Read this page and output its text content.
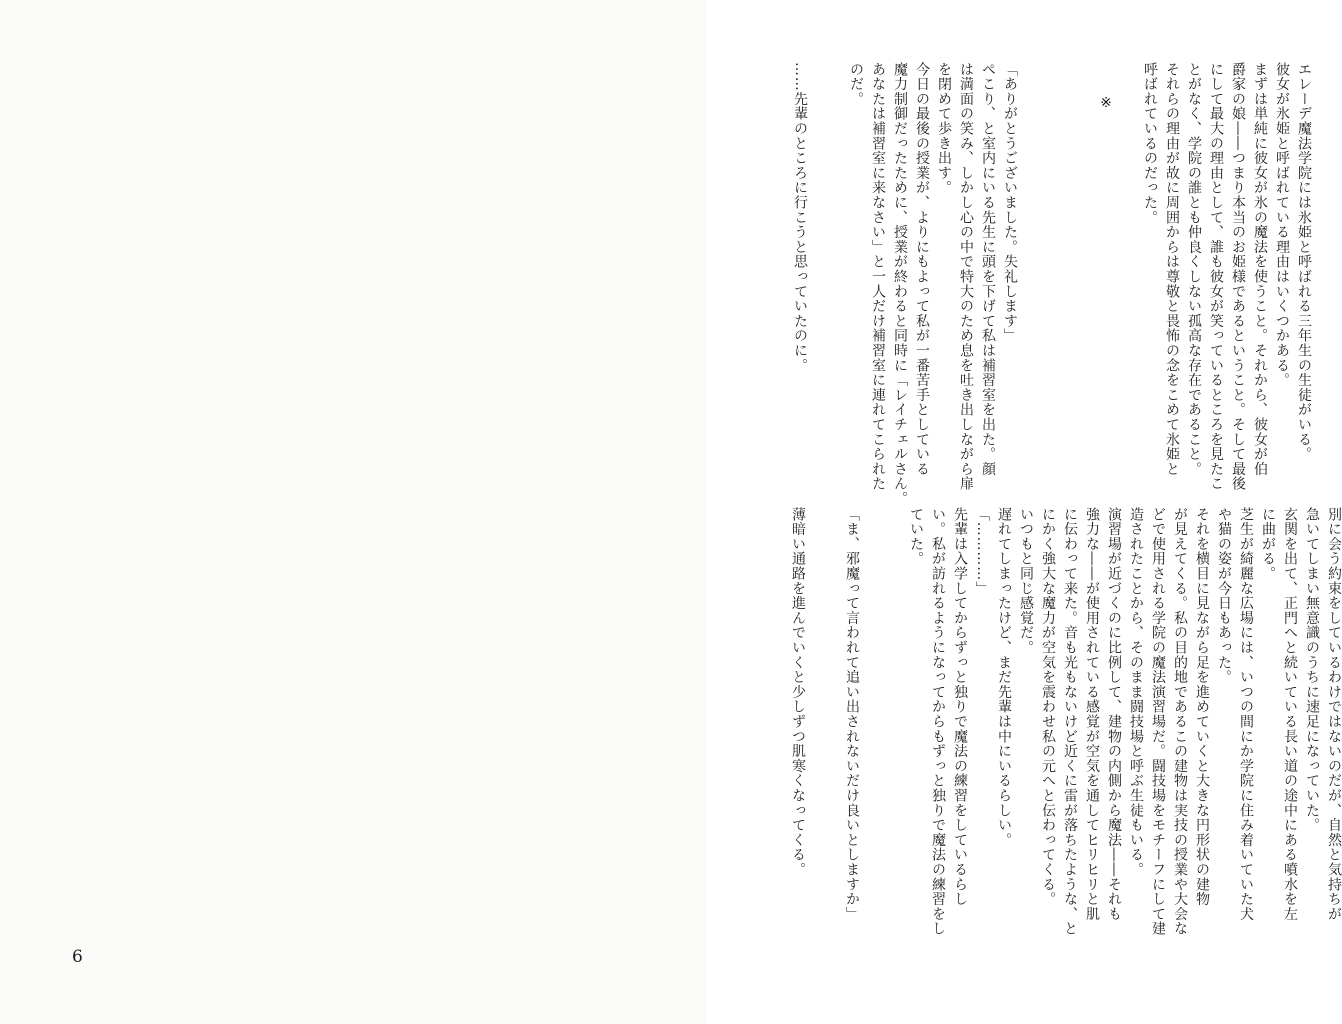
エレーデ魔法学院には氷姫と呼ばれる三年生の生徒がいる。
彼女が氷姫と呼ばれている理由はいくつかある。
まずは単純に彼女が氷の魔法を使うこと。それから、彼女が伯
爵家の娘――つまり本当のお姫様であるということ。そして最後
にして最大の理由として、誰も彼女が笑っているところを見たこ
とがなく、学院の誰とも仲良くしない孤高な存在であること。
それらの理由が故に周囲からは尊敬と畏怖の念をこめて氷姫と
呼ばれているのだった。
※
「ありがとうございました。失礼します」
ぺこり、と室内にいる先生に頭を下げて私は補習室を出た。顔
は満面の笑み、しかし心の中で特大のため息を吐き出しながら扉
を閉めて歩き出す。
今日の最後の授業が、よりにもよって私が一番苦手としている
魔力制御だったために、授業が終わると同時に「レイチェルさん。
あなたは補習室に来なさい」と一人だけ補習室に連れてこられた
のだ。
……先輩のところに行こうと思っていたのに。
別に会う約束をしているわけではないのだが、自然と気持ちが
急いてしまい無意識のうちに速足になっていた。
玄関を出て、正門へと続いている長い道の途中にある噴水を左
に曲がる。
芝生が綺麗な広場には、いつの間にか学院に住み着いていた犬
や猫の姿が今日もあった。
それを横目に見ながら足を進めていくと大きな円形状の建物
が見えてくる。私の目的地であるこの建物は実技の授業や大会な
どで使用される学院の魔法演習場だ。闘技場をモチーフにして建
造されたことから、そのまま闘技場と呼ぶ生徒もいる。
演習場が近づくのに比例して、建物の内側から魔法――それも
強力な――が使用されている感覚が空気を通してヒリヒリと肌
に伝わって来た。音も光もないけど近くに雷が落ちたような、と
にかく強大な魔力が空気を震わせ私の元へと伝わってくる。
いつもと同じ感覚だ。
遅れてしまったけど、まだ先輩は中にいるらしい。
「…………」
先輩は入学してからずっと独りで魔法の練習をしているらし
い。私が訪れるようになってからもずっと独りで魔法の練習をし
ていた。
「ま、邪魔って言われて追い出されないだけ良いとしますか」
薄暗い通路を進んでいくと少しずつ肌寒くなってくる。
6
